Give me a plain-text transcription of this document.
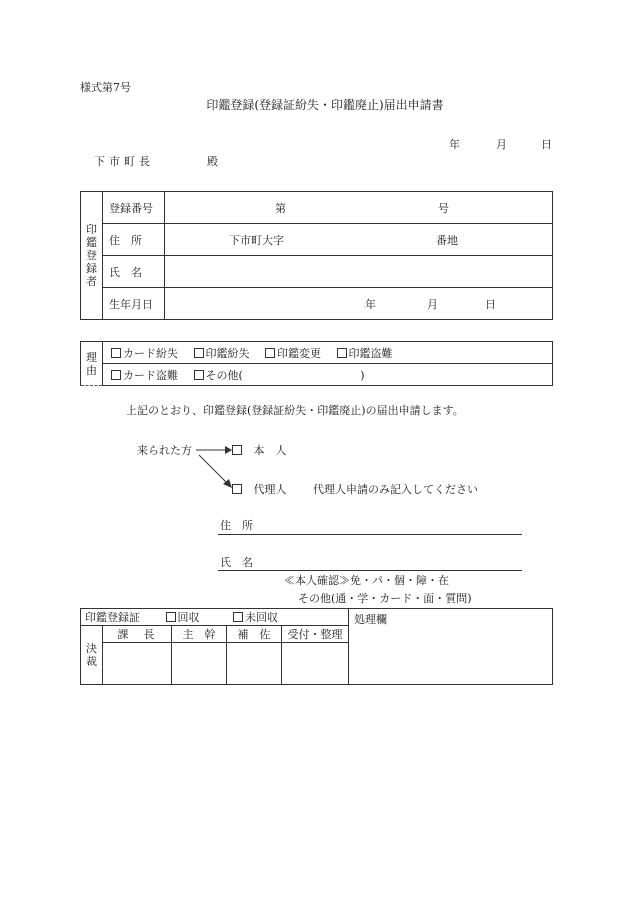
様式第7号
印鑑登録(登録証紛失・印鑑廃止)届出申請書
年	月	日
下市町長	殿
印
鑑
登
録
者	登録番号	第 号

	住　所	下市町大字 番地

	氏　名	
	生年月日	年 月 日
理
由
	カード紛失	印鑑紛失	印鑑変更	印鑑盗難
カード盗難	その他(	)
上記のとおり、印鑑登録(登録証紛失・印鑑廃止)の届出申請します。
来られた方	本　人
代理人 代理人申請のみ記入してください
住　所
氏　名
≪本人確認≫免・パ・個・障・在
その他(通・学・カード・面・質問)
印鑑登録証 回収 未回収					処理欄

決
裁	課　長	主　幹	補　佐	受付・整理	
